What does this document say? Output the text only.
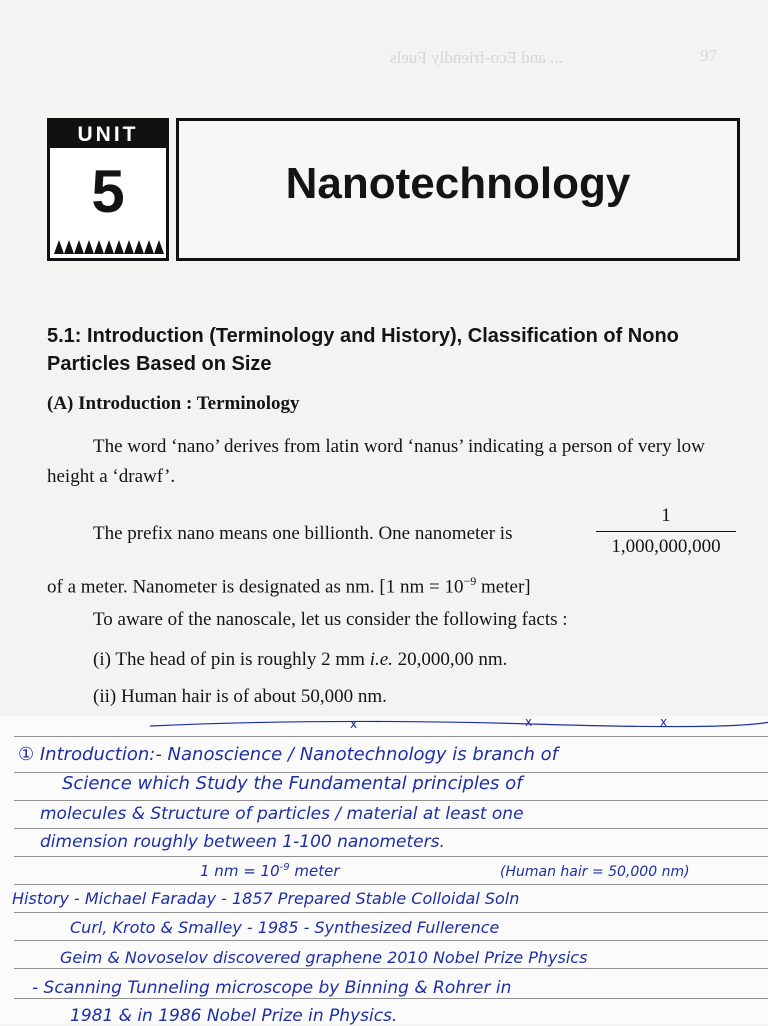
... and Eco-friendly Fuels	97
UNIT
5	Nanotechnology
5.1: Introduction (Terminology and History), Classification of Nono Particles Based on Size
(A) Introduction : Terminology
The word ‘nano’ derives from latin word ‘nanus’ indicating a person of very low height a ‘drawf’.
The prefix nano means one billionth. One nanometer is
1
1,000,000,000
of a meter. Nanometer is designated as nm. [1 nm = $10^{-9}$ meter]
To aware of the nanoscale, let us consider the following facts :
(i) The head of pin is roughly 2 mm i.e. 20,000,00 nm.
(ii) Human hair is of about 50,000 nm.
x	x	x
① Introduction:- Nanoscience / Nanotechnology is branch of
Science which Study the Fundamental principles of
molecules & Structure of particles / material at least one
dimension roughly between 1-100 nanometers.
1 nm = $10^{-9}$ meter	(Human hair = 50,000 nm)
History - Michael Faraday - 1857 Prepared Stable Colloidal Soln
Curl, Kroto & Smalley - 1985 - Synthesized Fullerence
Geim & Novoselov discovered graphene 2010 Nobel Prize Physics
- Scanning Tunneling microscope by Binning & Rohrer in
1981 & in 1986 Nobel Prize in Physics.
